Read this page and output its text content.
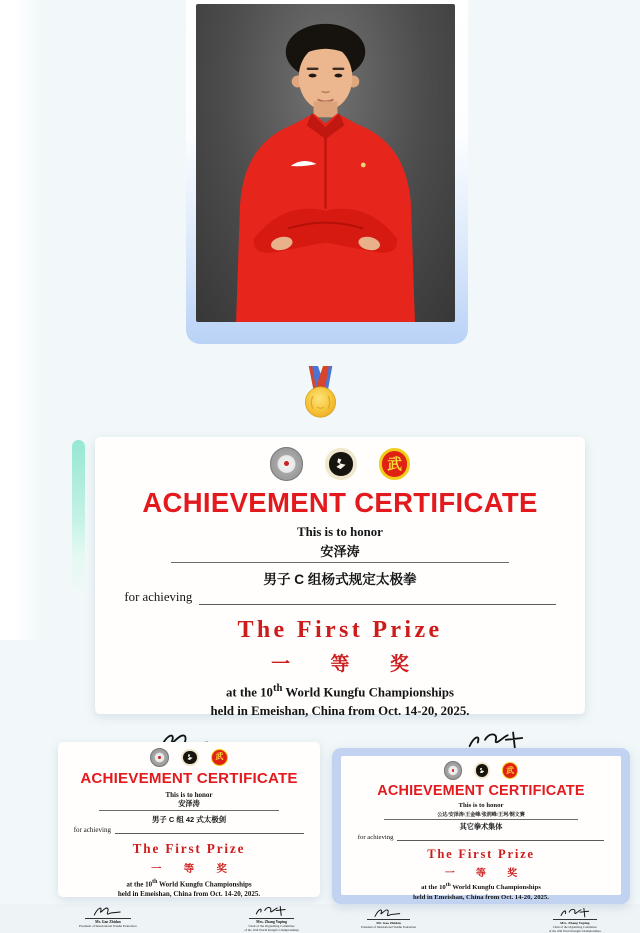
武
ACHIEVEMENT CERTIFICATE
This is to honor
安泽涛
男子 C 组杨式规定太极拳
for achieving
The First Prize
一 等 奖
at the 10th World Kungfu Championships
held in Emeishan, China from Oct. 14-20, 2025.

武
ACHIEVEMENT CERTIFICATE
This is to honor
安泽涛
男子 C 组 42 式太极剑
for achieving
The First Prize
一 等 奖
at the 10th World Kungfu Championships
held in Emeishan, China from Oct. 14-20, 2025.
Mr. Gao Zhidan
President of International Wushu Federation
Mrs. Zhang Yuping
Chair of the Organizing Committee
of the 10th World Kungfu Championships
武
ACHIEVEMENT CERTIFICATE
This is to honor
公达/安泽涛/王金峰/张润峰/王珂/铜文赛
其它拳术集体
for achieving
The First Prize
一 等 奖
at the 10th World Kungfu Championships
held in Emeishan, China from Oct. 14-20, 2025.
Mr. Gao Zhidan
President of International Wushu Federation
Mrs. Zhang Yuping
Chair of the Organizing Committee
of the 10th World Kungfu Championships
